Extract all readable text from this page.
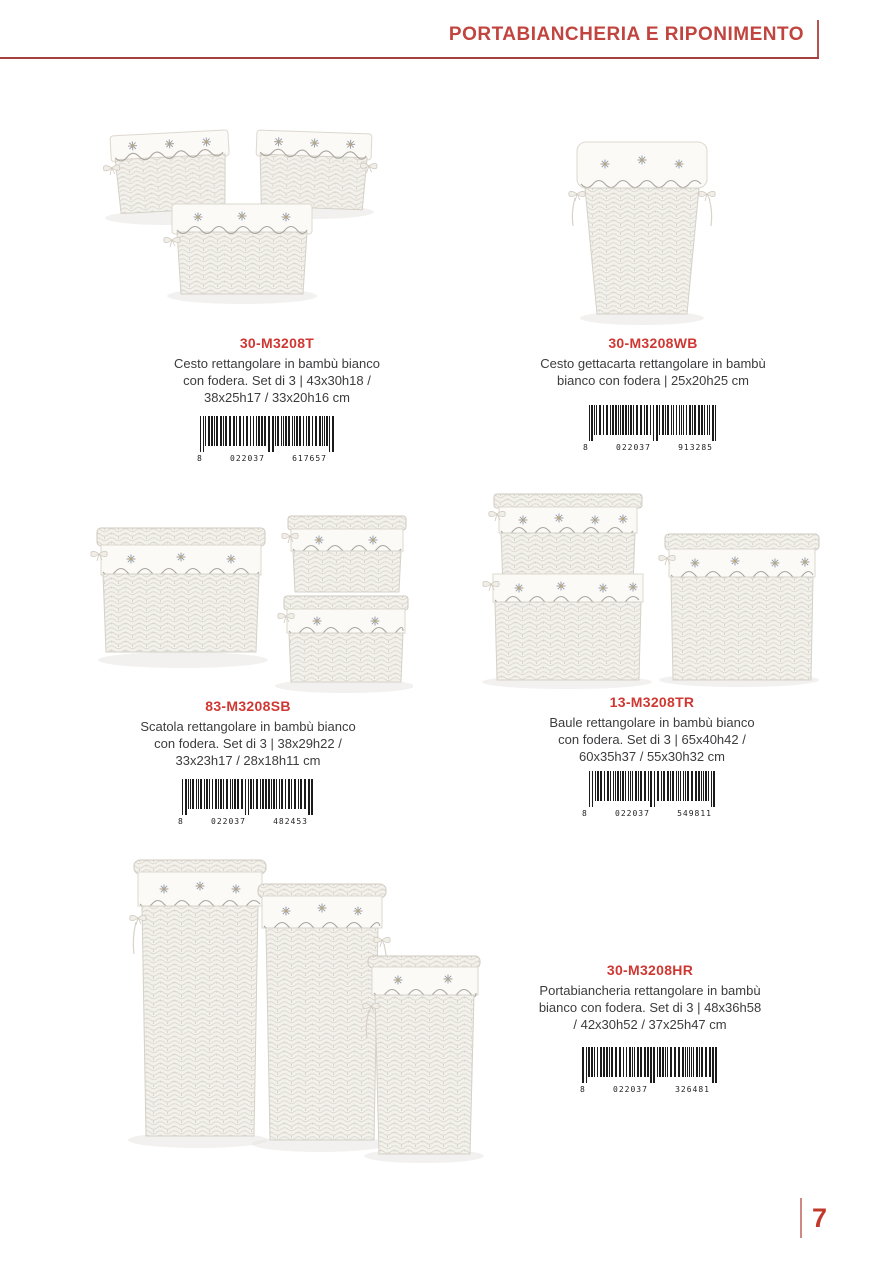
PORTABIANCHERIA E RIPONIMENTO
30-M3208T

Cesto rettangolare in bambù bianco
con fodera. Set di 3 | 43x30h18 /
38x25h17 / 33x20h16 cm

8	022037	617657
30-M3208WB

Cesto gettacarta rettangolare in bambù
bianco con fodera | 25x20h25 cm

8	022037	913285
83-M3208SB

Scatola rettangolare in bambù bianco
con fodera. Set di 3 | 38x29h22 /
33x23h17 / 28x18h11 cm

8	022037	482453
13-M3208TR

Baule rettangolare in bambù bianco
con fodera. Set di 3 | 65x40h42 /
60x35h37 / 55x30h32 cm

8	022037	549811
30-M3208HR

Portabiancheria rettangolare in bambù
bianco con fodera. Set di 3 | 48x36h58
/ 42x30h52 / 37x25h47 cm

8	022037	326481

7
